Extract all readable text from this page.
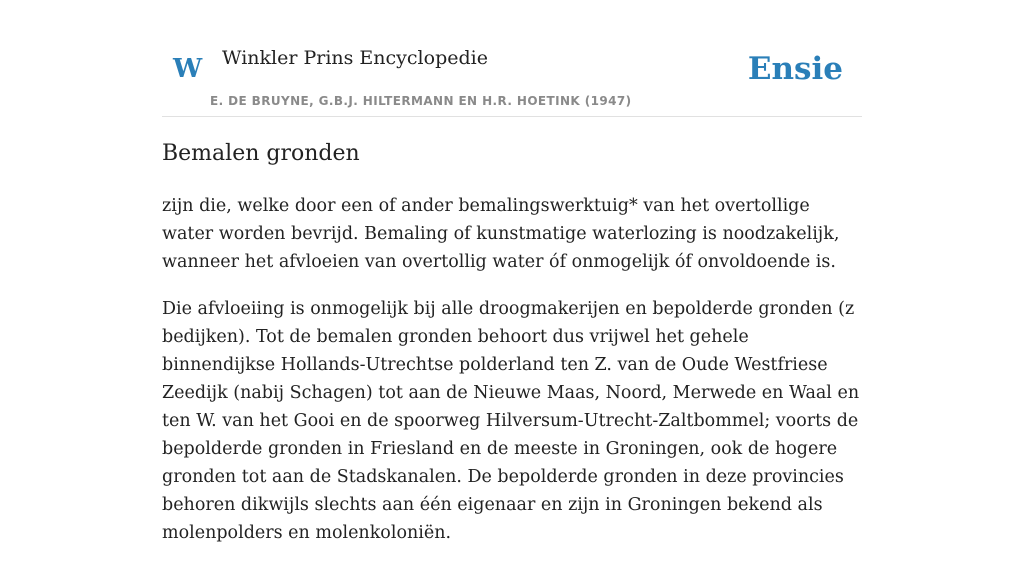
W Winkler Prins Encyclopedie
E. DE BRUYNE, G.B.J. HILTERMANN EN H.R. HOETINK (1947)
Ensie
Bemalen gronden

zijn die, welke door een of ander bemalingswerktuig* van het overtollige water worden bevrijd. Bemaling of kunstmatige waterlozing is noodzakelijk, wanneer het afvloeien van overtollig water óf onmogelijk óf onvoldoende is.

Die afvloeiing is onmogelijk bij alle droogmakerijen en bepolderde gronden (z bedijken). Tot de bemalen gronden behoort dus vrijwel het gehele binnendijkse Hollands-Utrechtse polderland ten Z. van de Oude Westfriese Zeedijk (nabij Schagen) tot aan de Nieuwe Maas, Noord, Merwede en Waal en ten W. van het Gooi en de spoorweg Hilversum-Utrecht-Zaltbommel; voorts de bepolderde gronden in Friesland en de meeste in Groningen, ook de hogere gronden tot aan de Stadskanalen. De bepolderde gronden in deze provincies behoren dikwijls slechts aan één eigenaar en zijn in Groningen bekend als molenpolders en molenkoloniën.
